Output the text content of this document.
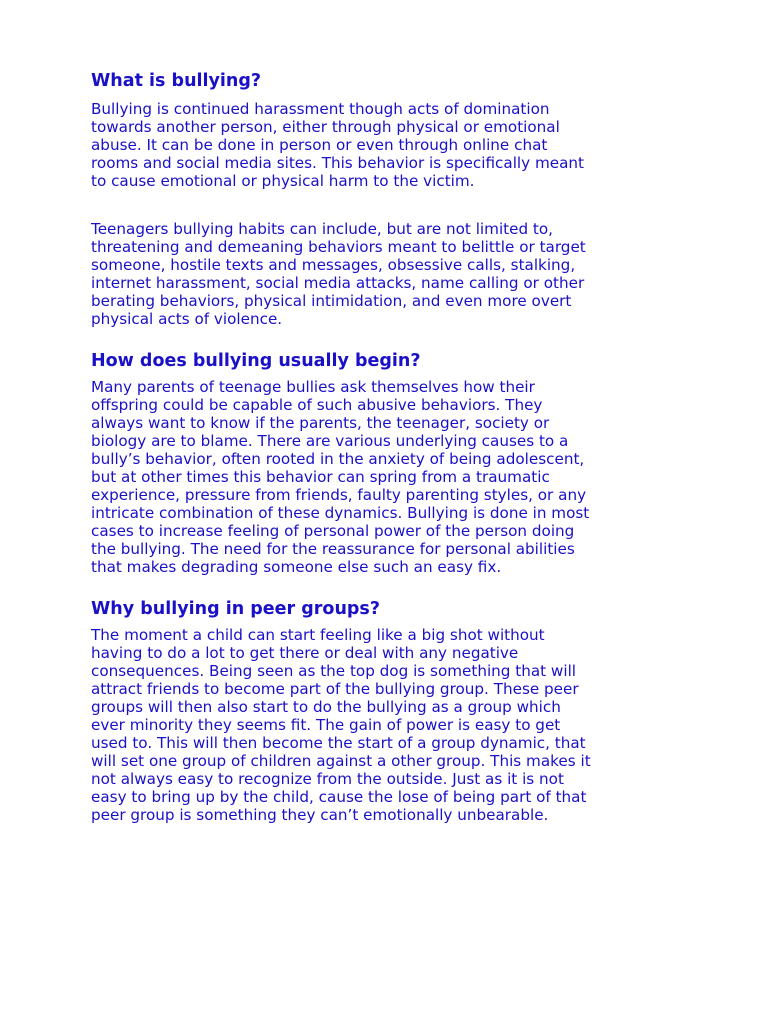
What is bullying?

Bullying is continued harassment though acts of domination
towards another person, either through physical or emotional
abuse. It can be done in person or even through online chat
rooms and social media sites. This behavior is specifically meant
to cause emotional or physical harm to the victim.

Teenagers bullying habits can include, but are not limited to,
threatening and demeaning behaviors meant to belittle or target
someone, hostile texts and messages, obsessive calls, stalking,
internet harassment, social media attacks, name calling or other
berating behaviors, physical intimidation, and even more overt
physical acts of violence.

How does bullying usually begin?

Many parents of teenage bullies ask themselves how their
offspring could be capable of such abusive behaviors. They
always want to know if the parents, the teenager, society or
biology are to blame. There are various underlying causes to a
bully’s behavior, often rooted in the anxiety of being adolescent,
but at other times this behavior can spring from a traumatic
experience, pressure from friends, faulty parenting styles, or any
intricate combination of these dynamics. Bullying is done in most
cases to increase feeling of personal power of the person doing
the bullying. The need for the reassurance for personal abilities
that makes degrading someone else such an easy fix.

Why bullying in peer groups?

The moment a child can start feeling like a big shot without
having to do a lot to get there or deal with any negative
consequences. Being seen as the top dog is something that will
attract friends to become part of the bullying group. These peer
groups will then also start to do the bullying as a group which
ever minority they seems fit. The gain of power is easy to get
used to. This will then become the start of a group dynamic, that
will set one group of children against a other group. This makes it
not always easy to recognize from the outside. Just as it is not
easy to bring up by the child, cause the lose of being part of that
peer group is something they can’t emotionally unbearable.
